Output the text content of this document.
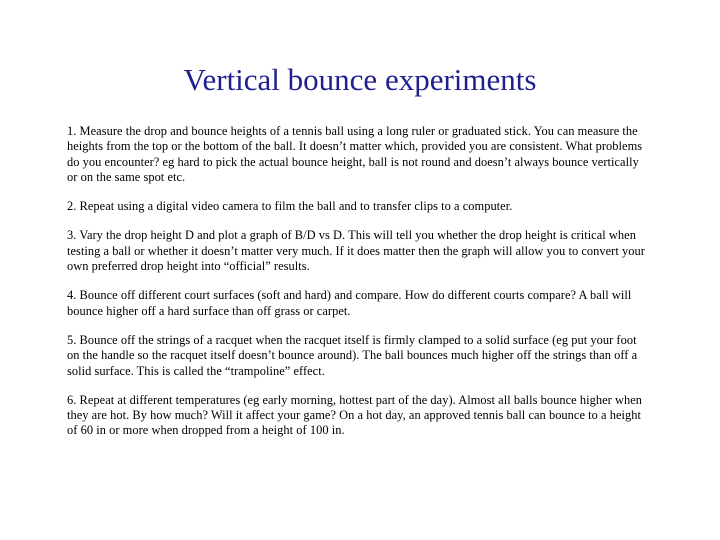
Vertical bounce experiments

1. Measure the drop and bounce heights of a tennis ball using a long ruler or graduated stick. You can measure the heights from the top or the bottom of the ball. It doesn’t matter which, provided you are consistent. What problems do you encounter? eg hard to pick the actual bounce height, ball is not round and doesn’t always bounce vertically or on the same spot etc.

2. Repeat using a digital video camera to film the ball and to transfer clips to a computer.

3. Vary the drop height D and plot a graph of B/D vs D. This will tell you whether the drop height is critical when testing a ball or whether it doesn’t matter very much. If it does matter then the graph will allow you to convert your own preferred drop height into “official” results.

4. Bounce off different court surfaces (soft and hard) and compare. How do different courts compare? A ball will bounce higher off a hard surface than off grass or carpet.

5. Bounce off the strings of a racquet when the racquet itself is firmly clamped to a solid surface (eg put your foot on the handle so the racquet itself doesn’t bounce around). The ball bounces much higher off the strings than off a solid surface. This is called the “trampoline” effect.

6. Repeat at different temperatures (eg early morning, hottest part of the day). Almost all balls bounce higher when they are hot. By how much? Will it affect your game? On a hot day, an approved tennis ball can bounce to a height of 60 in or more when dropped from a height of 100 in.
